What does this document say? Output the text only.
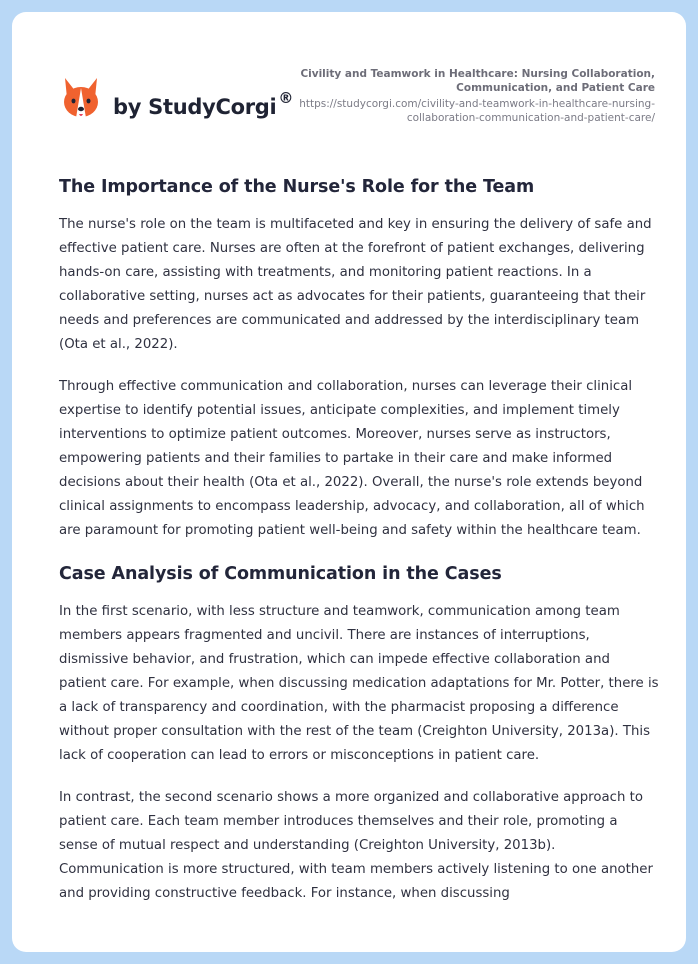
by StudyCorgi ®
Civility and Teamwork in Healthcare: Nursing Collaboration, Communication, and Patient Care
https://studycorgi.com/civility-and-teamwork-in-healthcare-nursing-collaboration-communication-and-patient-care/
The Importance of the Nurse's Role for the Team

The nurse's role on the team is multifaceted and key in ensuring the delivery of safe and effective patient care. Nurses are often at the forefront of patient exchanges, delivering hands-on care, assisting with treatments, and monitoring patient reactions. In a collaborative setting, nurses act as advocates for their patients, guaranteeing that their needs and preferences are communicated and addressed by the interdisciplinary team (Ota et al., 2022).

Through effective communication and collaboration, nurses can leverage their clinical expertise to identify potential issues, anticipate complexities, and implement timely interventions to optimize patient outcomes. Moreover, nurses serve as instructors, empowering patients and their families to partake in their care and make informed decisions about their health (Ota et al., 2022). Overall, the nurse's role extends beyond clinical assignments to encompass leadership, advocacy, and collaboration, all of which are paramount for promoting patient well-being and safety within the healthcare team.

Case Analysis of Communication in the Cases

In the first scenario, with less structure and teamwork, communication among team members appears fragmented and uncivil. There are instances of interruptions, dismissive behavior, and frustration, which can impede effective collaboration and patient care. For example, when discussing medication adaptations for Mr. Potter, there is a lack of transparency and coordination, with the pharmacist proposing a difference without proper consultation with the rest of the team (Creighton University, 2013a). This lack of cooperation can lead to errors or misconceptions in patient care.

In contrast, the second scenario shows a more organized and collaborative approach to patient care. Each team member introduces themselves and their role, promoting a sense of mutual respect and understanding (Creighton University, 2013b). Communication is more structured, with team members actively listening to one another and providing constructive feedback. For instance, when discussing
